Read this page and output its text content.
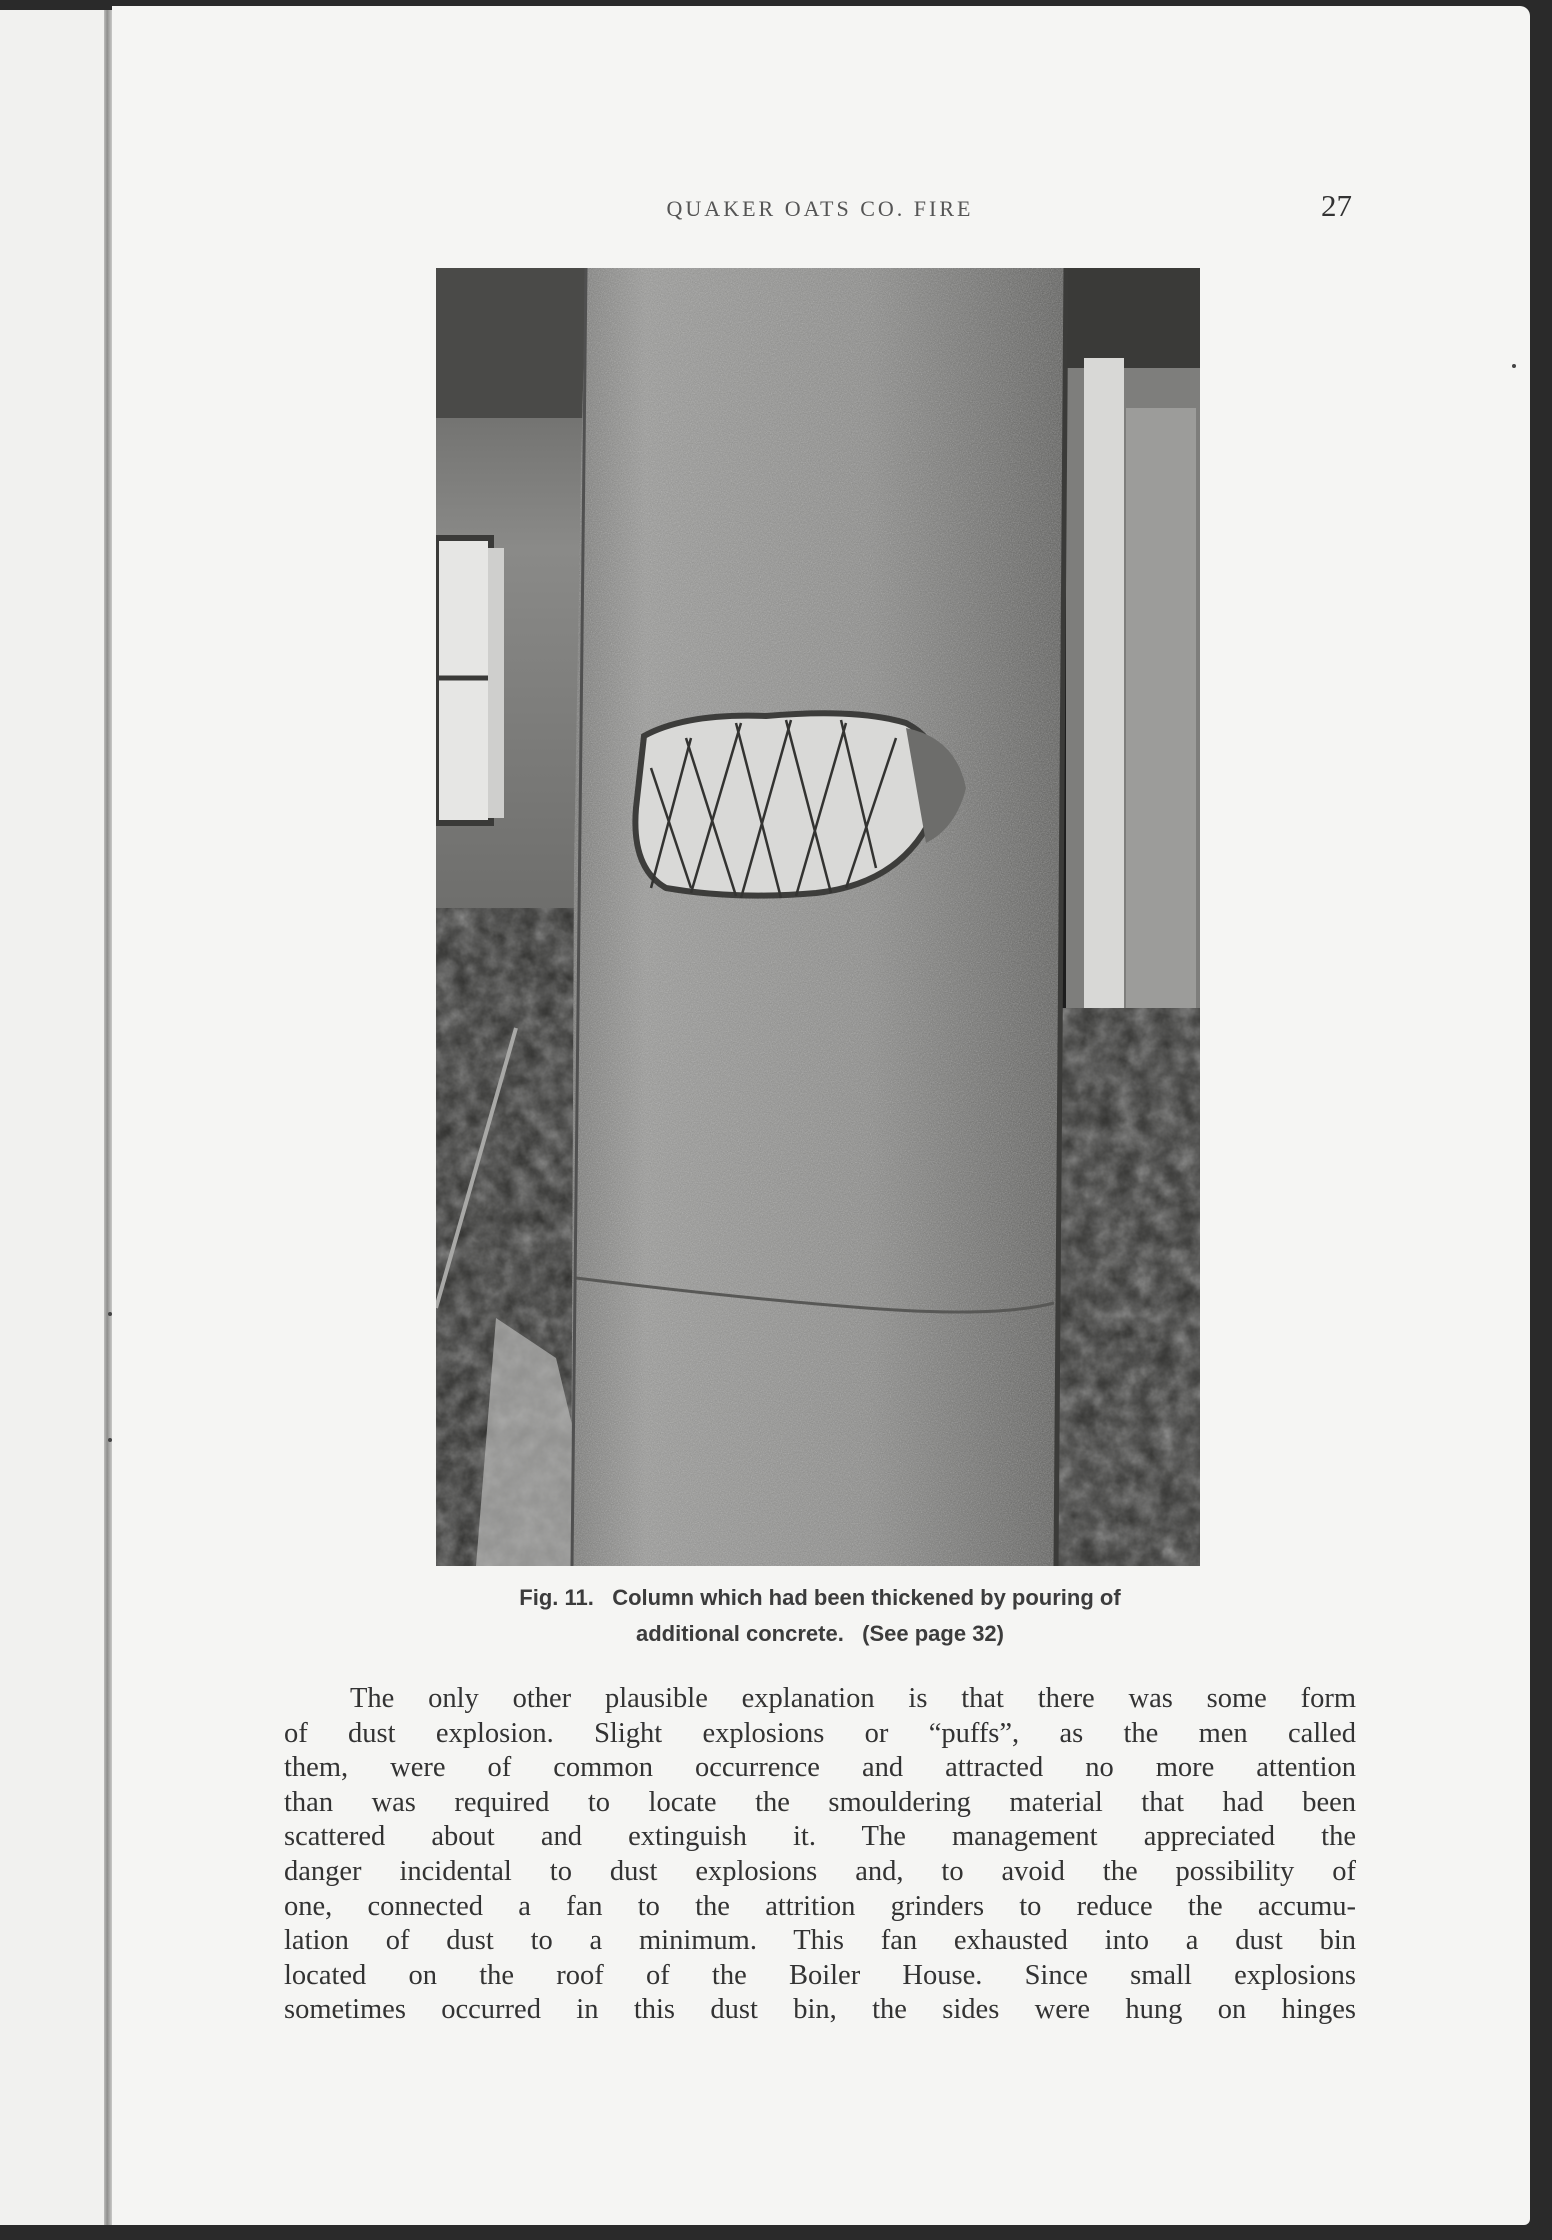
QUAKER OATS CO. FIRE	27
Fig. 11.   Column which had been thickened by pouring of
additional concrete.   (See page 32)
The only other plausible explanation is that there was some form
of dust explosion. Slight explosions or “puffs”, as the men called
them, were of common occurrence and attracted no more attention
than was required to locate the smouldering material that had been
scattered about and extinguish it. The management appreciated the
danger incidental to dust explosions and, to avoid the possibility of
one, connected a fan to the attrition grinders to reduce the accumu-
lation of dust to a minimum. This fan exhausted into a dust bin
located on the roof of the Boiler House. Since small explosions
sometimes occurred in this dust bin, the sides were hung on hinges
